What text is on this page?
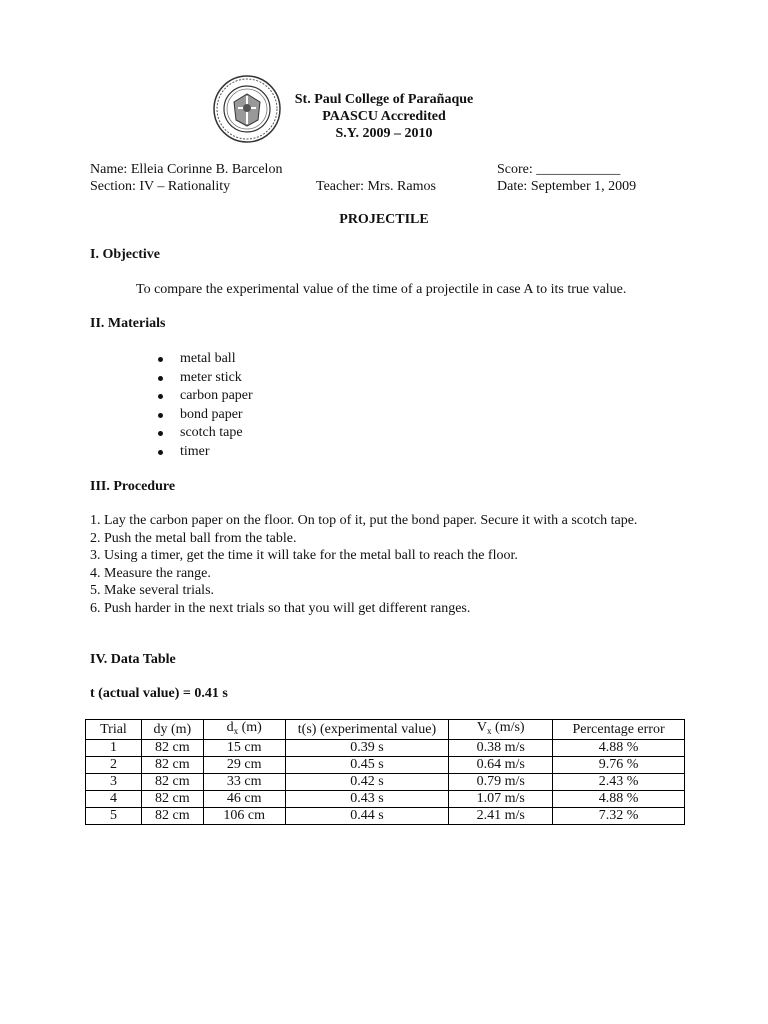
St. Paul College of Parañaque
PAASCU Accredited
S.Y. 2009 – 2010
Name: Elleia Corinne B. Barcelon
Section: IV – Rationality	Teacher: Mrs. Ramos
Score: ____________
Date: September 1, 2009
PROJECTILE
I. Objective
To compare the experimental value of the time of a projectile in case A to its true value.
II. Materials
metal ball
meter stick
carbon paper
bond paper
scotch tape
timer
III. Procedure
1. Lay the carbon paper on the floor. On top of it, put the bond paper. Secure it with a scotch tape.
2. Push the metal ball from the table.
3. Using a timer, get the time it will take for the metal ball to reach the floor.
4. Measure the range.
5. Make several trials.
6. Push harder in the next trials so that you will get different ranges.
IV. Data Table
t (actual value) = 0.41 s
Trial	dy (m)	$d_x$ (m)	t(s) (experimental value)	$V_x$ (m/s)	Percentage error
1	82 cm	15 cm	0.39 s	0.38 m/s	4.88 %
2	82 cm	29 cm	0.45 s	0.64 m/s	9.76 %
3	82 cm	33 cm	0.42 s	0.79 m/s	2.43 %
4	82 cm	46 cm	0.43 s	1.07 m/s	4.88 %
5	82 cm	106 cm	0.44 s	2.41 m/s	7.32 %
